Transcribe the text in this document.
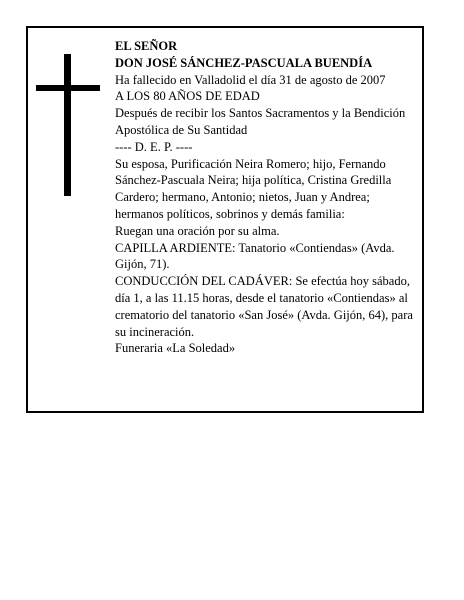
EL SEÑOR

DON JOSÉ SÁNCHEZ-PASCUALA BUENDÍA

Ha fallecido en Valladolid el día 31 de agosto de 2007

A LOS 80 AÑOS DE EDAD

Después de recibir los Santos Sacramentos y la Bendición Apostólica de Su Santidad

---- D. E. P. ----

Su esposa, Purificación Neira Romero; hijo, Fernando Sánchez-Pascuala Neira; hija política, Cristina Gredilla Cardero; hermano, Antonio; nietos, Juan y Andrea; hermanos políticos, sobrinos y demás familia:

Ruegan una oración por su alma.

CAPILLA ARDIENTE: Tanatorio «Contiendas» (Avda. Gijón, 71).

CONDUCCIÓN DEL CADÁVER: Se efectúa hoy sábado, día 1, a las 11.15 horas, desde el tanatorio «Contiendas» al crematorio del tanatorio «San José» (Avda. Gijón, 64), para su incineración.

Funeraria «La Soledad»
